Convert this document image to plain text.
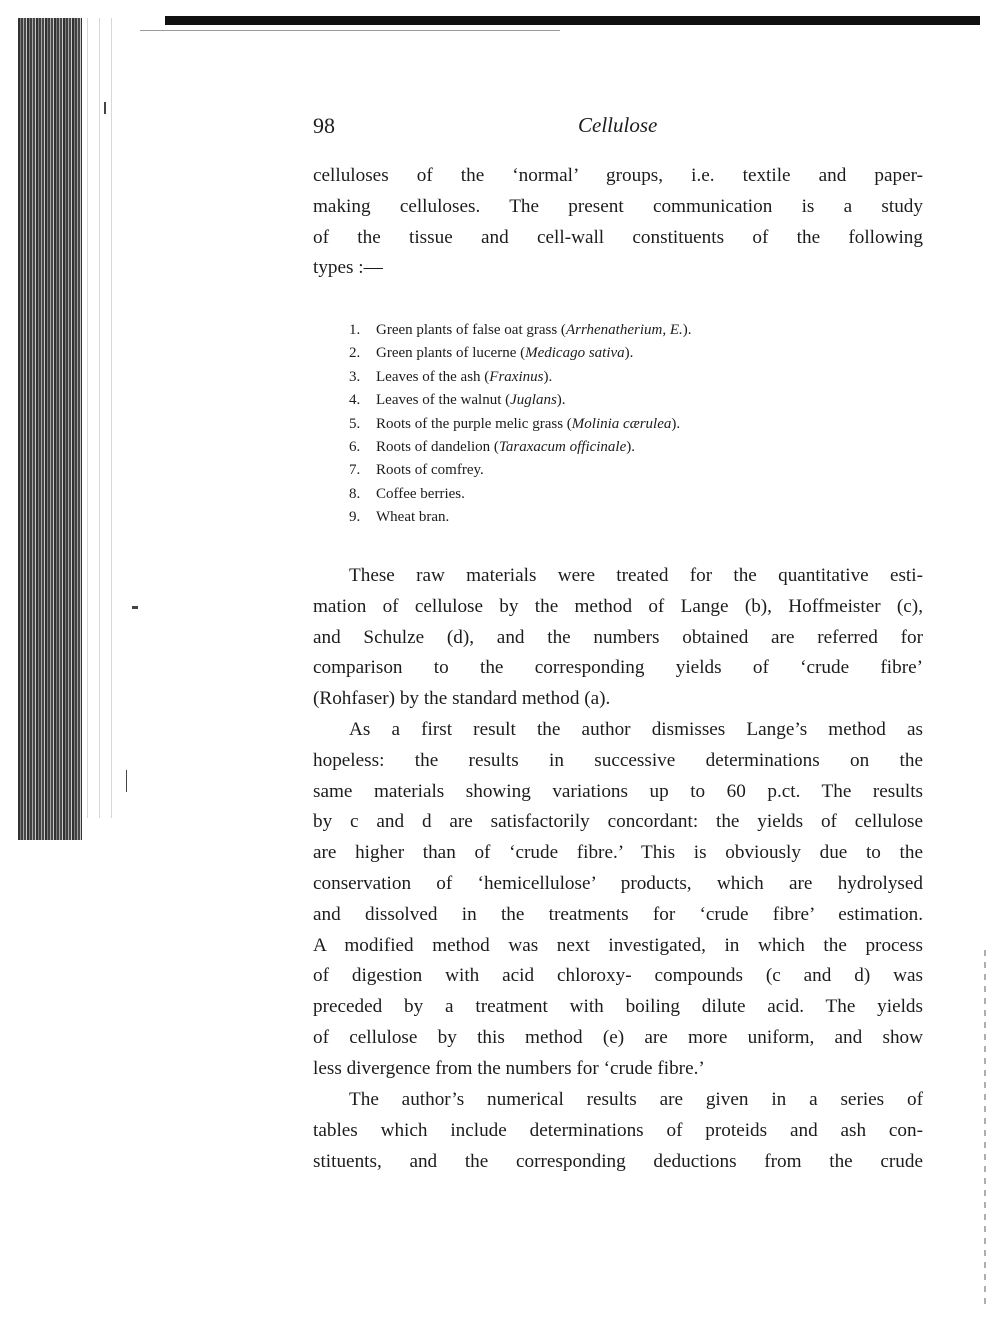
98	Cellulose

celluloses of the ‘normal’ groups, i.e. textile and paper-
making celluloses. The present communication is a study
of the tissue and cell-wall constituents of the following
types :—

1. Green plants of false oat grass (Arrhenatherium, E.).
2. Green plants of lucerne (Medicago sativa).
3. Leaves of the ash (Fraxinus).
4. Leaves of the walnut (Juglans).
5. Roots of the purple melic grass (Molinia cærulea).
6. Roots of dandelion (Taraxacum officinale).
7. Roots of comfrey.
8. Coffee berries.
9. Wheat bran.

These raw materials were treated for the quantitative esti-
mation of cellulose by the method of Lange (b), Hoffmeister (c),
and Schulze (d), and the numbers obtained are referred for
comparison to the corresponding yields of ‘crude fibre’
(Rohfaser) by the standard method (a).

As a first result the author dismisses Lange’s method as
hopeless: the results in successive determinations on the
same materials showing variations up to 60 p.ct. The results
by c and d are satisfactorily concordant: the yields of cellulose
are higher than of ‘crude fibre.’ This is obviously due to the
conservation of ‘hemicellulose’ products, which are hydrolysed
and dissolved in the treatments for ‘crude fibre’ estimation.
A modified method was next investigated, in which the process
of digestion with acid chloroxy- compounds (c and d) was
preceded by a treatment with boiling dilute acid. The yields
of cellulose by this method (e) are more uniform, and show
less divergence from the numbers for ‘crude fibre.’

The author’s numerical results are given in a series of
tables which include determinations of proteids and ash con-
stituents, and the corresponding deductions from the crude
